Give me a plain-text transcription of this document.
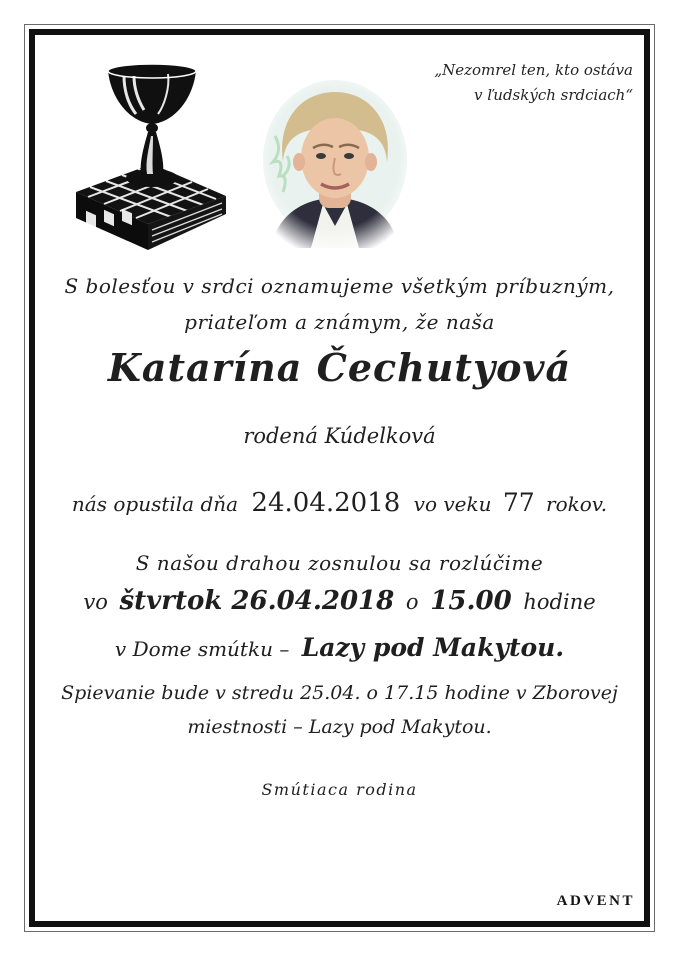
„Nezomrel ten, kto ostáva
v ľudských srdciach“
S bolesťou v srdci oznamujeme všetkým príbuzným,
priateľom a známym, že naša
Katarína Čechutyová
rodená Kúdelková
nás opustila dňa 24.04.2018 vo veku 77 rokov.
S našou drahou zosnulou sa rozlúčime
vo štvrtok 26.04.2018 o 15.00 hodine
v Dome smútku – Lazy pod Makytou.
Spievanie bude v stredu 25.04. o 17.15 hodine v Zborovej
miestnosti – Lazy pod Makytou.
Smútiaca rodina
ADVENT
